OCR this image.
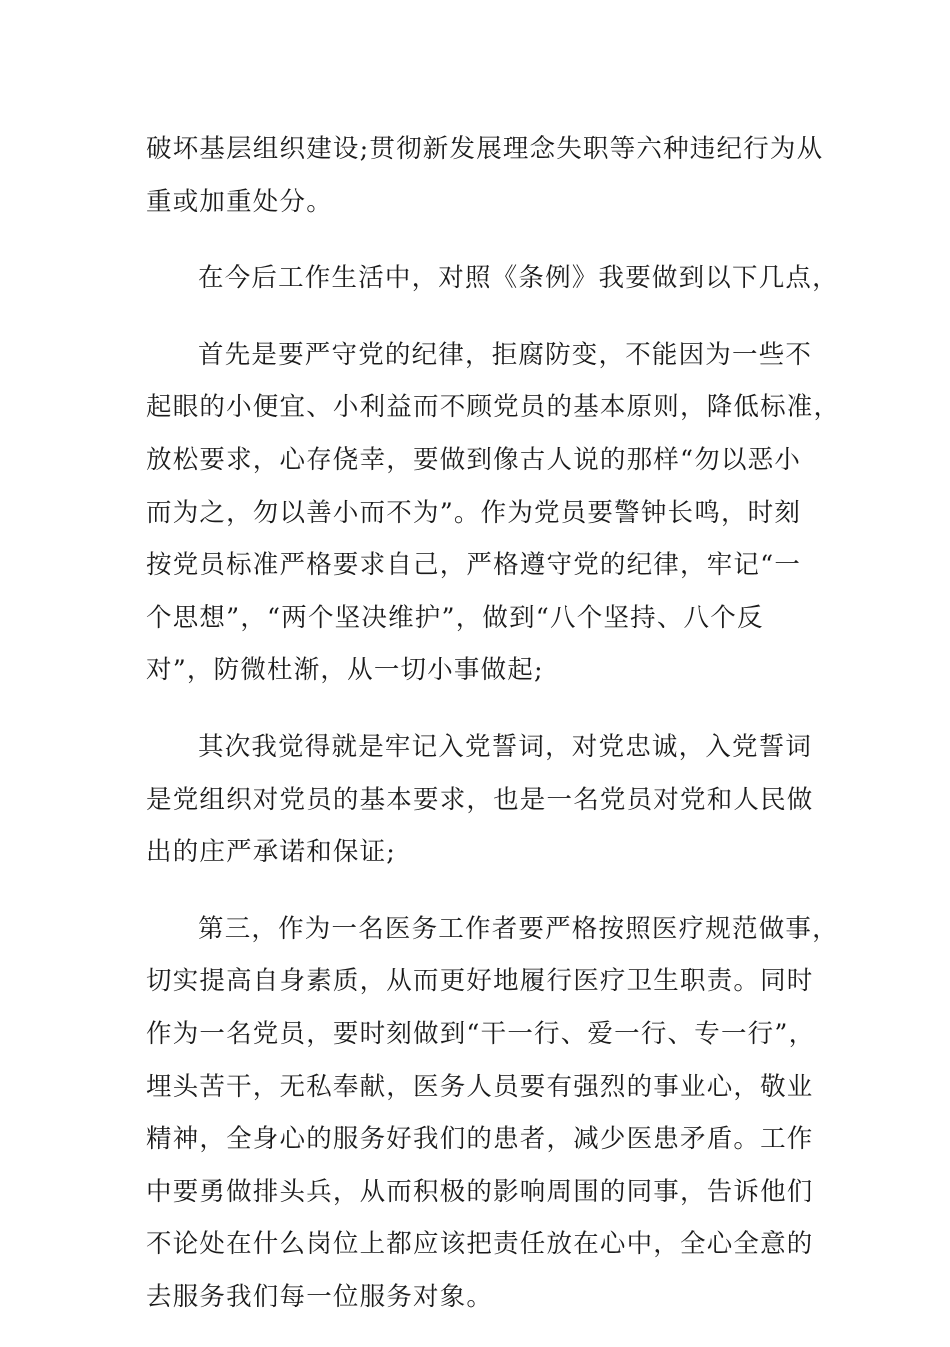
破坏基层组织建设;贯彻新发展理念失职等六种违纪行为从
重或加重处分。

在今后工作生活中，对照《条例》我要做到以下几点，

首先是要严守党的纪律，拒腐防变，不能因为一些不
起眼的小便宜、小利益而不顾党员的基本原则，降低标准，
放松要求，心存侥幸，要做到像古人说的那样“勿以恶小
而为之，勿以善小而不为”。作为党员要警钟长鸣，时刻
按党员标准严格要求自己，严格遵守党的纪律，牢记“一
个思想”，“两个坚决维护”，做到“八个坚持、八个反
对”，防微杜渐，从一切小事做起;

其次我觉得就是牢记入党誓词，对党忠诚，入党誓词
是党组织对党员的基本要求，也是一名党员对党和人民做
出的庄严承诺和保证;

第三，作为一名医务工作者要严格按照医疗规范做事，
切实提高自身素质，从而更好地履行医疗卫生职责。同时
作为一名党员，要时刻做到“干一行、爱一行、专一行”，
埋头苦干，无私奉献，医务人员要有强烈的事业心，敬业
精神，全身心的服务好我们的患者，减少医患矛盾。工作
中要勇做排头兵，从而积极的影响周围的同事，告诉他们
不论处在什么岗位上都应该把责任放在心中，全心全意的
去服务我们每一位服务对象。
